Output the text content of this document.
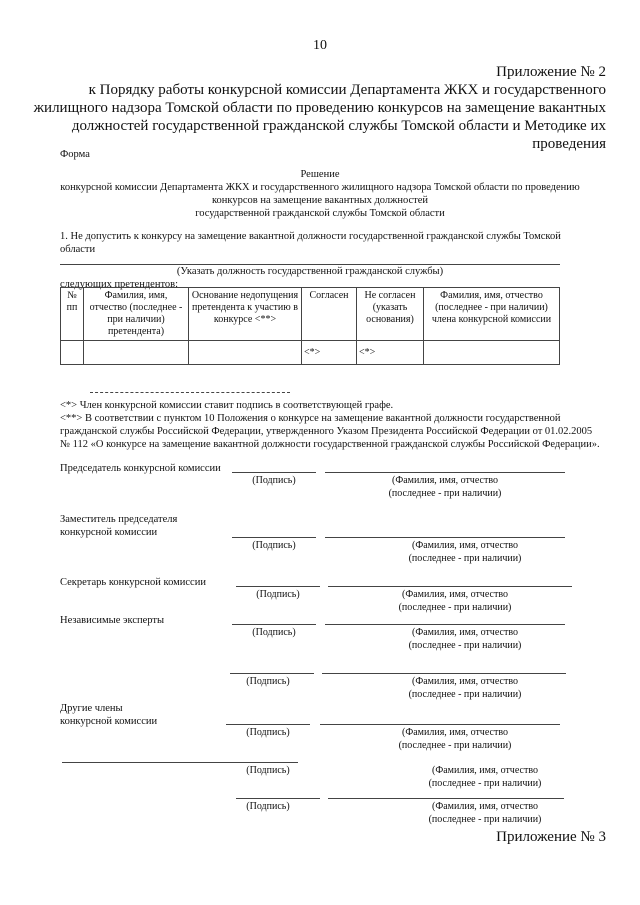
10
Приложение № 2
к Порядку работы конкурсной комиссии Департамента ЖКХ и государственного
жилищного надзора Томской области по проведению конкурсов на замещение вакантных
должностей государственной гражданской службы Томской области и Методике их
проведения
Форма
Решение
конкурсной комиссии Департамента ЖКХ и государственного жилищного надзора Томской области по проведению
конкурсов на замещение вакантных должностей
государственной гражданской службы Томской области
1. Не допустить к конкурсу на замещение вакантной должности государственной гражданской службы Томской
области
(Указать должность государственной гражданской службы)
следующих претендентов:
№ пп	Фамилия, имя, отчество (последнее - при наличии) претендента)	Основание недопущения претендента к участию в конкурсе <**>	Согласен	Не согласен (указать основания)	Фамилия, имя, отчество (последнее - при наличии) члена конкурсной комиссии
			<*>	<*>	
<*> Член конкурсной комиссии ставит подпись в соответствующей графе.
<**> В соответствии с пунктом 10 Положения о конкурсе на замещение вакантной должности государственной
гражданской службы Российской Федерации, утвержденного Указом Президента Российской Федерации от 01.02.2005
№ 112 «О конкурсе на замещение вакантной должности государственной гражданской службы Российской Федерации».
Председатель конкурсной комиссии
(Подпись)	(Фамилия, имя, отчество
(последнее - при наличии)
Заместитель председателя
конкурсной комиссии
(Подпись)	(Фамилия, имя, отчество
(последнее - при наличии)
Секретарь конкурсной комиссии
(Подпись)	(Фамилия, имя, отчество
(последнее - при наличии)
Независимые эксперты
(Подпись)	(Фамилия, имя, отчество
(последнее - при наличии)
(Подпись)	(Фамилия, имя, отчество
(последнее - при наличии)
Другие члены
конкурсной комиссии
(Подпись)	(Фамилия, имя, отчество
(последнее - при наличии)
(Подпись)	(Фамилия, имя, отчество
(последнее - при наличии)
(Подпись)	(Фамилия, имя, отчество
(последнее - при наличии)
Приложение № 3
